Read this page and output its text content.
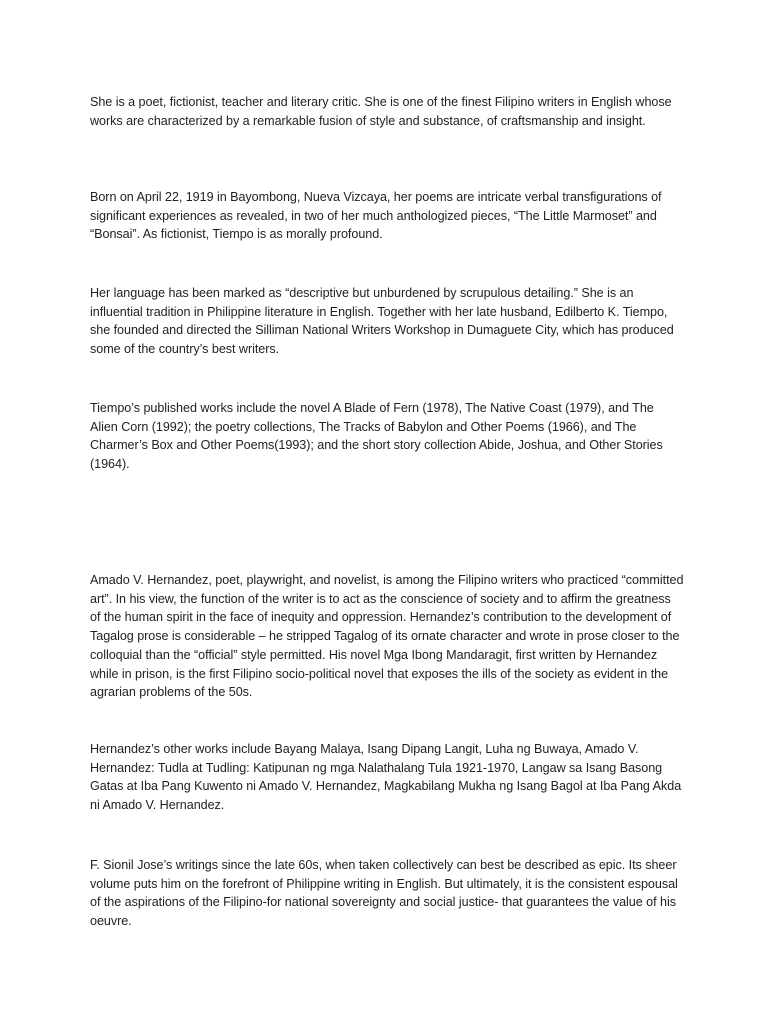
She is a poet, fictionist, teacher and literary critic. She is one of the finest Filipino writers in English whose works are characterized by a remarkable fusion of style and substance, of craftsmanship and insight.

Born on April 22, 1919 in Bayombong, Nueva Vizcaya, her poems are intricate verbal transfigurations of significant experiences as revealed, in two of her much anthologized pieces, “The Little Marmoset” and “Bonsai”. As fictionist, Tiempo is as morally profound.

Her language has been marked as “descriptive but unburdened by scrupulous detailing.” She is an influential tradition in Philippine literature in English. Together with her late husband, Edilberto K. Tiempo, she founded and directed the Silliman National Writers Workshop in Dumaguete City, which has produced some of the country’s best writers.

Tiempo’s published works include the novel A Blade of Fern (1978), The Native Coast (1979), and The Alien Corn (1992); the poetry collections, The Tracks of Babylon and Other Poems (1966), and The Charmer’s Box and Other Poems(1993); and the short story collection Abide, Joshua, and Other Stories (1964).

Amado V. Hernandez, poet, playwright, and novelist, is among the Filipino writers who practiced “committed art”. In his view, the function of the writer is to act as the conscience of society and to affirm the greatness of the human spirit in the face of inequity and oppression. Hernandez’s contribution to the development of Tagalog prose is considerable – he stripped Tagalog of its ornate character and wrote in prose closer to the colloquial than the “official” style permitted. His novel Mga Ibong Mandaragit, first written by Hernandez while in prison, is the first Filipino socio-political novel that exposes the ills of the society as evident in the agrarian problems of the 50s.

Hernandez’s other works include Bayang Malaya, Isang Dipang Langit, Luha ng Buwaya, Amado V. Hernandez: Tudla at Tudling: Katipunan ng mga Nalathalang Tula 1921-1970, Langaw sa Isang Basong Gatas at Iba Pang Kuwento ni Amado V. Hernandez, Magkabilang Mukha ng Isang Bagol at Iba Pang Akda ni Amado V. Hernandez.

F. Sionil Jose’s writings since the late 60s, when taken collectively can best be described as epic. Its sheer volume puts him on the forefront of Philippine writing in English. But ultimately, it is the consistent espousal of the aspirations of the Filipino-for national sovereignty and social justice- that guarantees the value of his oeuvre.
